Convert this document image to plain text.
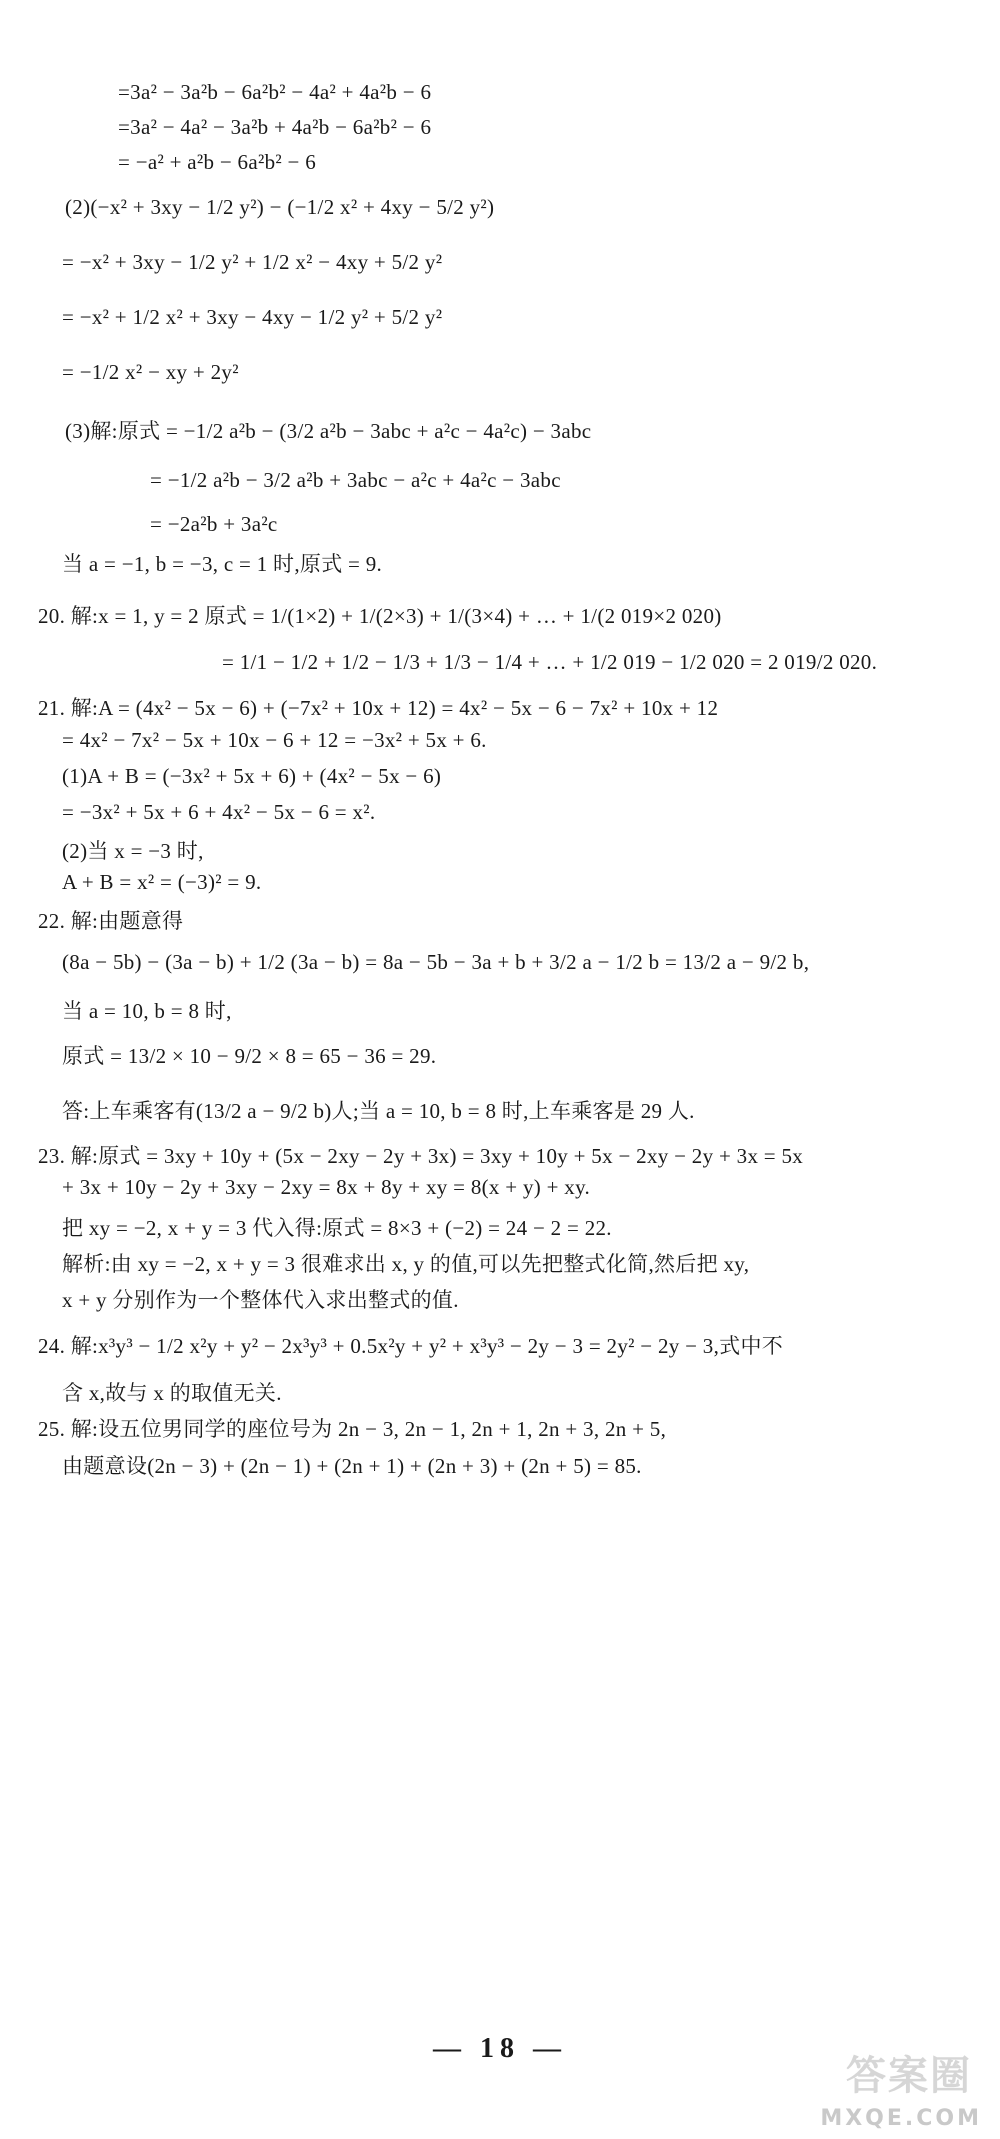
=3a² − 3a²b − 6a²b² − 4a² + 4a²b − 6
=3a² − 4a² − 3a²b + 4a²b − 6a²b² − 6
= −a² + a²b − 6a²b² − 6
(2)(−x² + 3xy − 1/2 y²) − (−1/2 x² + 4xy − 5/2 y²)
= −x² + 3xy − 1/2 y² + 1/2 x² − 4xy + 5/2 y²
= −x² + 1/2 x² + 3xy − 4xy − 1/2 y² + 5/2 y²
= −1/2 x² − xy + 2y²
(3)解:原式 = −1/2 a²b − (3/2 a²b − 3abc + a²c − 4a²c) − 3abc
= −1/2 a²b − 3/2 a²b + 3abc − a²c + 4a²c − 3abc
= −2a²b + 3a²c
当 a = −1, b = −3, c = 1 时,原式 = 9.
20. 解:x = 1, y = 2 原式 = 1/(1×2) + 1/(2×3) + 1/(3×4) + … + 1/(2 019×2 020)
= 1/1 − 1/2 + 1/2 − 1/3 + 1/3 − 1/4 + … + 1/2 019 − 1/2 020 = 2 019/2 020.
21. 解:A = (4x² − 5x − 6) + (−7x² + 10x + 12) = 4x² − 5x − 6 − 7x² + 10x + 12
= 4x² − 7x² − 5x + 10x − 6 + 12 = −3x² + 5x + 6.
(1)A + B = (−3x² + 5x + 6) + (4x² − 5x − 6)
= −3x² + 5x + 6 + 4x² − 5x − 6 = x².
(2)当 x = −3 时,
A + B = x² = (−3)² = 9.
22. 解:由题意得
(8a − 5b) − (3a − b) + 1/2 (3a − b) = 8a − 5b − 3a + b + 3/2 a − 1/2 b = 13/2 a − 9/2 b,
当 a = 10, b = 8 时,
原式 = 13/2 × 10 − 9/2 × 8 = 65 − 36 = 29.
答:上车乘客有(13/2 a − 9/2 b)人;当 a = 10, b = 8 时,上车乘客是 29 人.
23. 解:原式 = 3xy + 10y + (5x − 2xy − 2y + 3x) = 3xy + 10y + 5x − 2xy − 2y + 3x = 5x
+ 3x + 10y − 2y + 3xy − 2xy = 8x + 8y + xy = 8(x + y) + xy.
把 xy = −2, x + y = 3 代入得:原式 = 8×3 + (−2) = 24 − 2 = 22.
解析:由 xy = −2, x + y = 3 很难求出 x, y 的值,可以先把整式化简,然后把 xy,
x + y 分别作为一个整体代入求出整式的值.
24. 解:x³y³ − 1/2 x²y + y² − 2x³y³ + 0.5x²y + y² + x³y³ − 2y − 3 = 2y² − 2y − 3,式中不
含 x,故与 x 的取值无关.
25. 解:设五位男同学的座位号为 2n − 3, 2n − 1, 2n + 1, 2n + 3, 2n + 5,
由题意设(2n − 3) + (2n − 1) + (2n + 1) + (2n + 3) + (2n + 5) = 85.
— 18 —
答案圈
MXQE.COM
